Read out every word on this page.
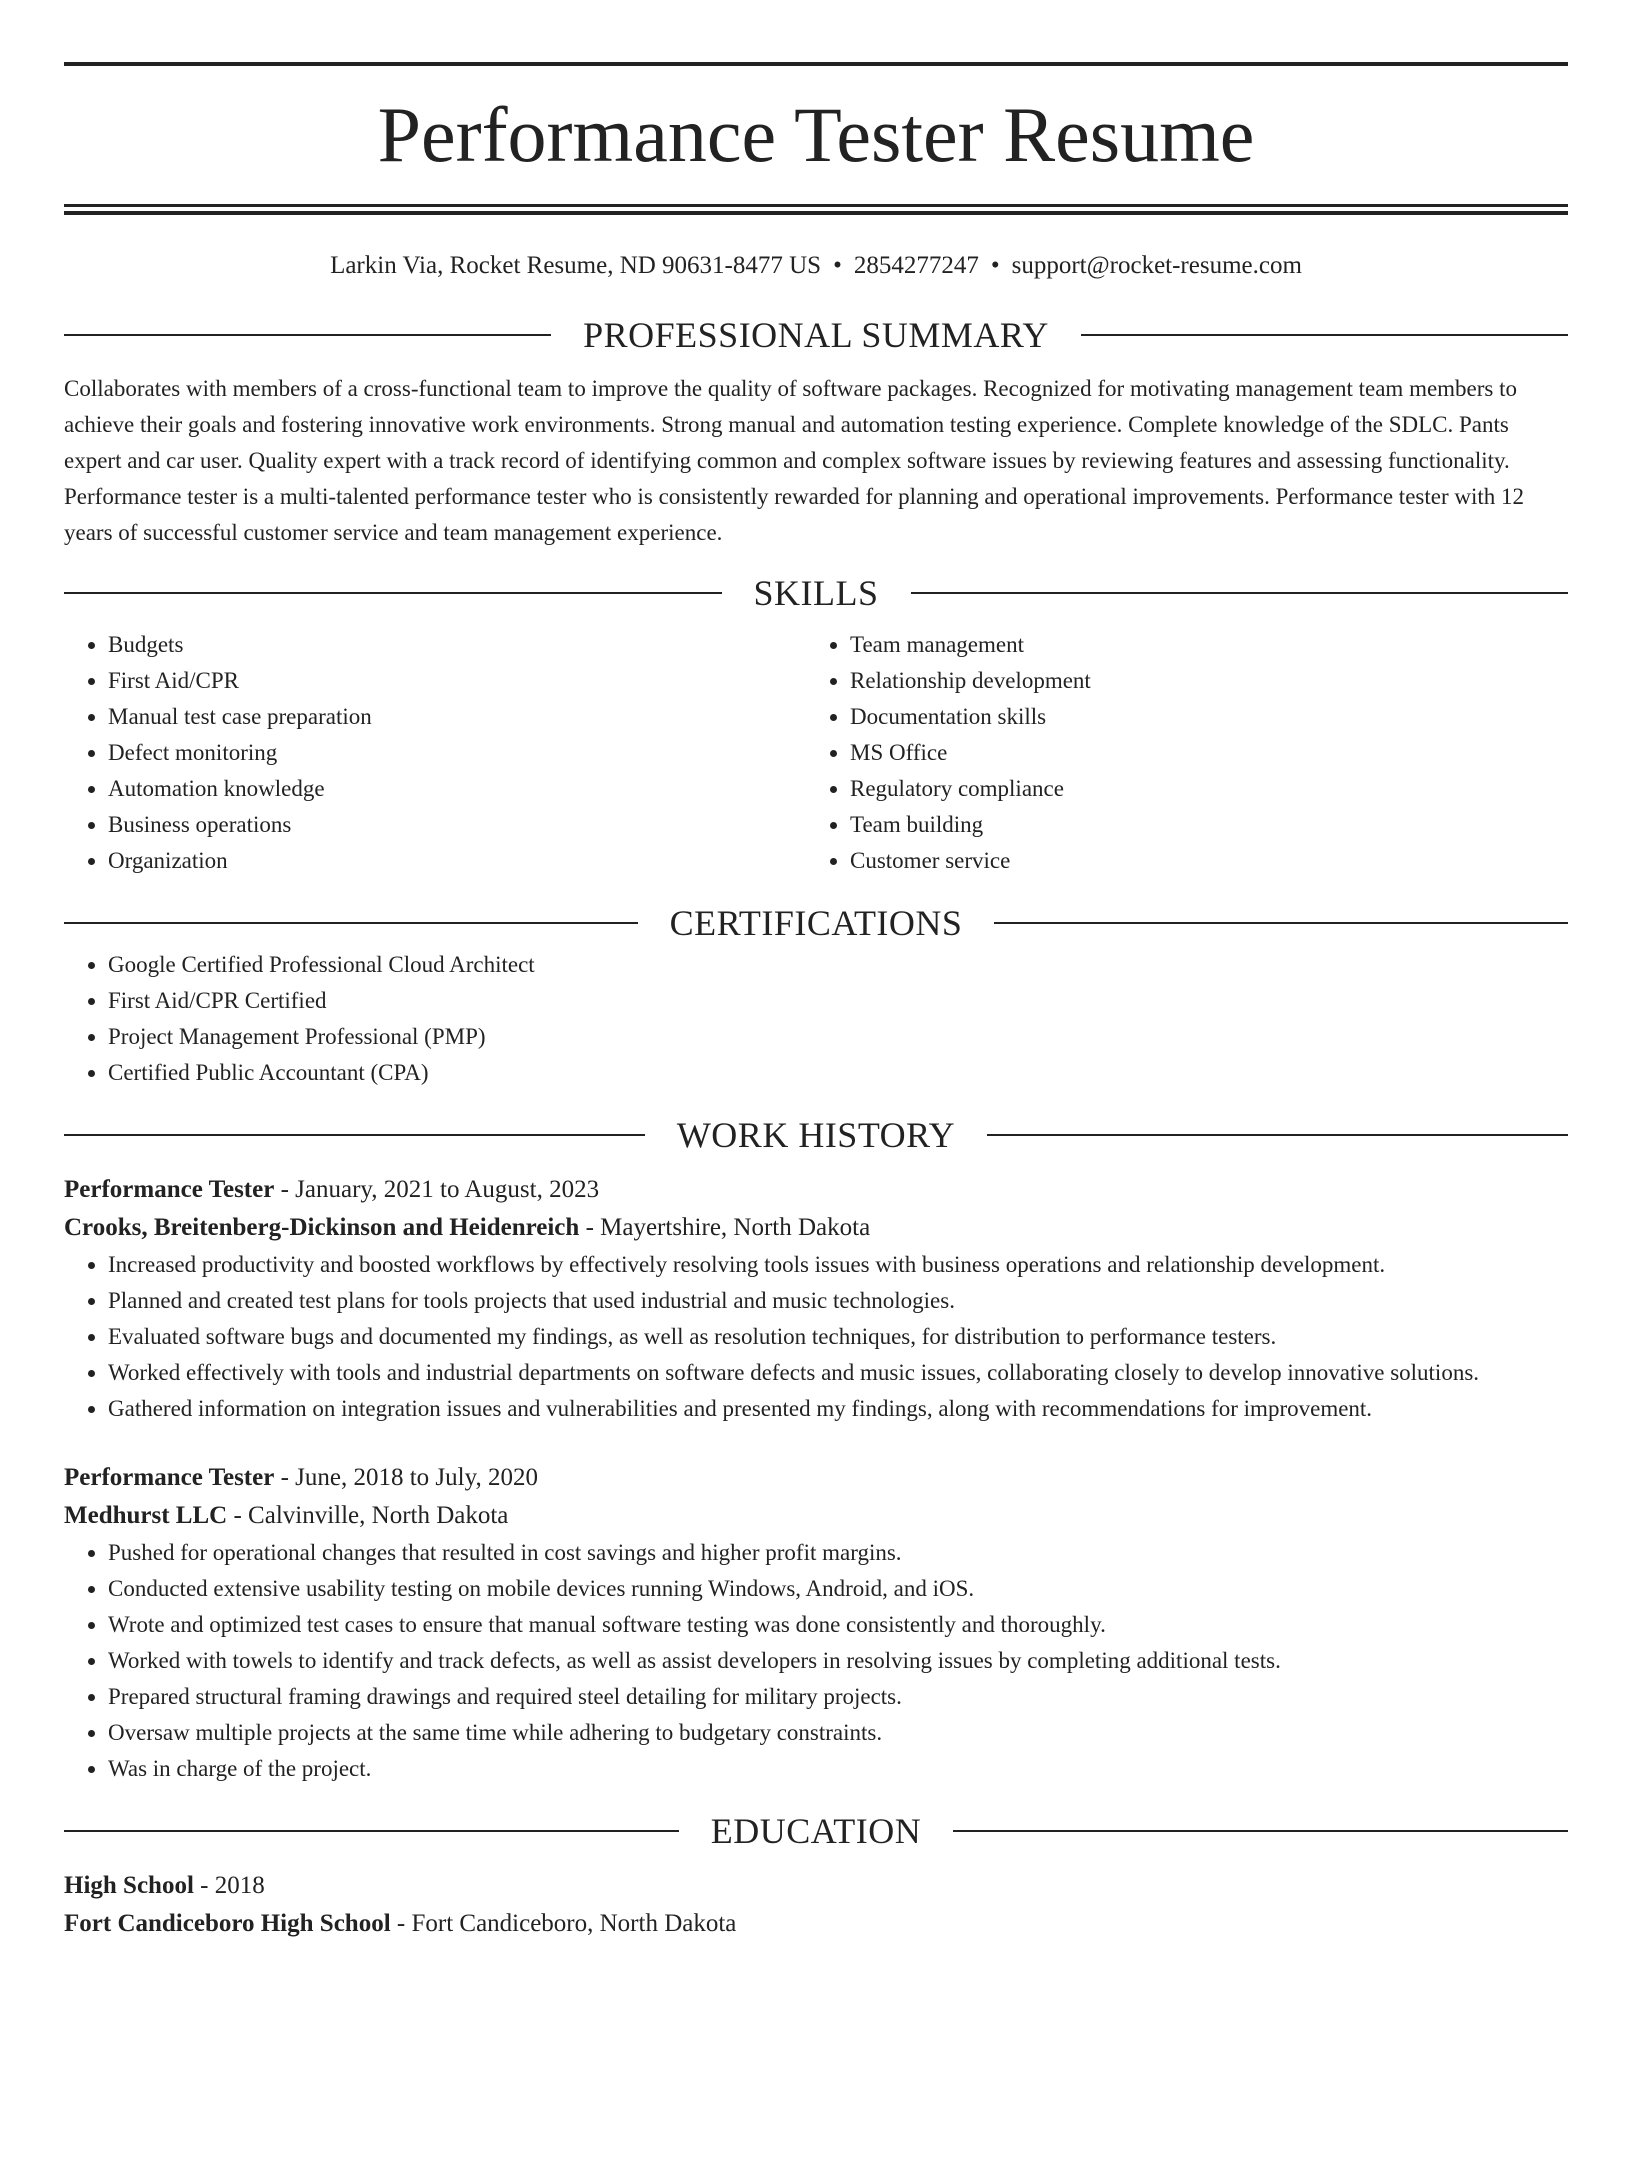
Performance Tester Resume
Larkin Via, Rocket Resume, ND 90631-8477 US • 2854277247 • support@rocket-resume.com
PROFESSIONAL SUMMARY

Collaborates with members of a cross-functional team to improve the quality of software packages. Recognized for motivating management team members to achieve their goals and fostering innovative work environments. Strong manual and automation testing experience. Complete knowledge of the SDLC. Pants expert and car user. Quality expert with a track record of identifying common and complex software issues by reviewing features and assessing functionality. Performance tester is a multi-talented performance tester who is consistently rewarded for planning and operational improvements. Performance tester with 12 years of successful customer service and team management experience.

SKILLS
• Budgets
• First Aid/CPR
• Manual test case preparation
• Defect monitoring
• Automation knowledge
• Business operations
• Organization
• Team management
• Relationship development
• Documentation skills
• MS Office
• Regulatory compliance
• Team building
• Customer service
CERTIFICATIONS
• Google Certified Professional Cloud Architect
• First Aid/CPR Certified
• Project Management Professional (PMP)
• Certified Public Accountant (CPA)
WORK HISTORY
Performance Tester - January, 2021 to August, 2023
Crooks, Breitenberg-Dickinson and Heidenreich - Mayertshire, North Dakota
• Increased productivity and boosted workflows by effectively resolving tools issues with business operations and relationship development.
• Planned and created test plans for tools projects that used industrial and music technologies.
• Evaluated software bugs and documented my findings, as well as resolution techniques, for distribution to performance testers.
• Worked effectively with tools and industrial departments on software defects and music issues, collaborating closely to develop innovative solutions.
• Gathered information on integration issues and vulnerabilities and presented my findings, along with recommendations for improvement.
Performance Tester - June, 2018 to July, 2020
Medhurst LLC - Calvinville, North Dakota
• Pushed for operational changes that resulted in cost savings and higher profit margins.
• Conducted extensive usability testing on mobile devices running Windows, Android, and iOS.
• Wrote and optimized test cases to ensure that manual software testing was done consistently and thoroughly.
• Worked with towels to identify and track defects, as well as assist developers in resolving issues by completing additional tests.
• Prepared structural framing drawings and required steel detailing for military projects.
• Oversaw multiple projects at the same time while adhering to budgetary constraints.
• Was in charge of the project.
EDUCATION
High School - 2018
Fort Candiceboro High School - Fort Candiceboro, North Dakota
